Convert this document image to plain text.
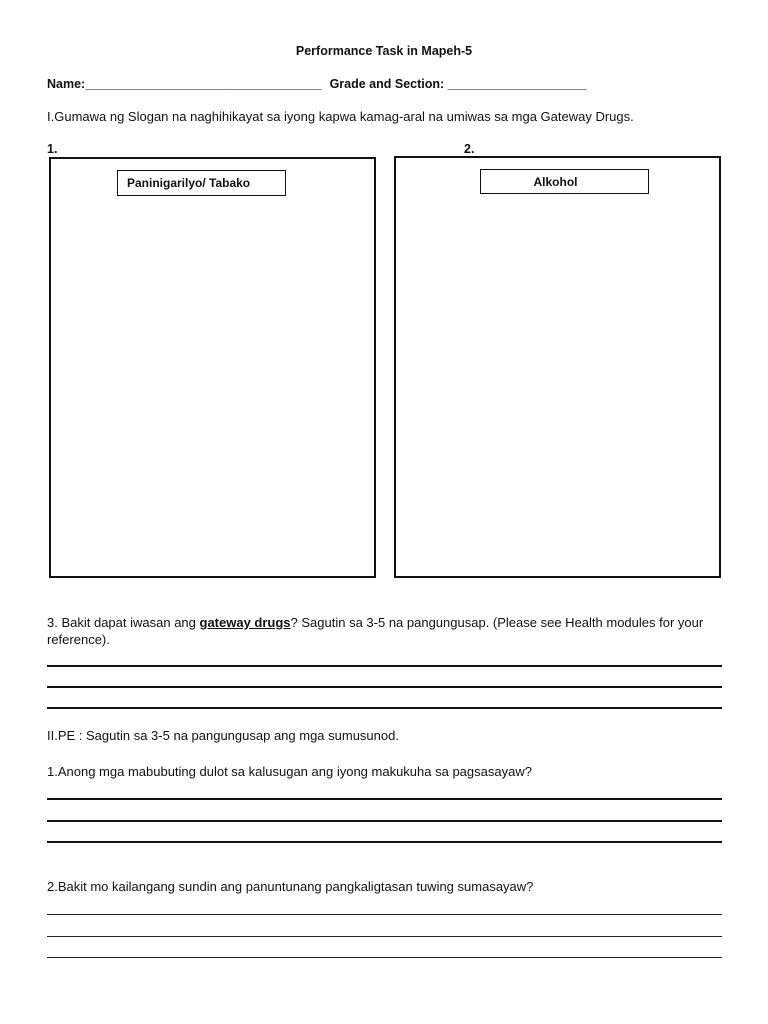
Performance Task in Mapeh-5
Name:__________________________________ Grade and Section: ____________________
I.Gumawa ng Slogan na naghihikayat sa iyong kapwa kamag-aral na umiwas sa mga Gateway Drugs.
1.	2.
Paninigarilyo/ Tabako	Alkohol
3. Bakit dapat iwasan ang gateway drugs? Sagutin sa 3-5 na pangungusap. (Please see Health modules for your reference).
II.PE : Sagutin sa 3-5 na pangungusap ang mga sumusunod.
1.Anong mga mabubuting dulot sa kalusugan ang iyong makukuha sa pagsasayaw?
2.Bakit mo kailangang sundin ang panuntunang pangkaligtasan tuwing sumasayaw?
